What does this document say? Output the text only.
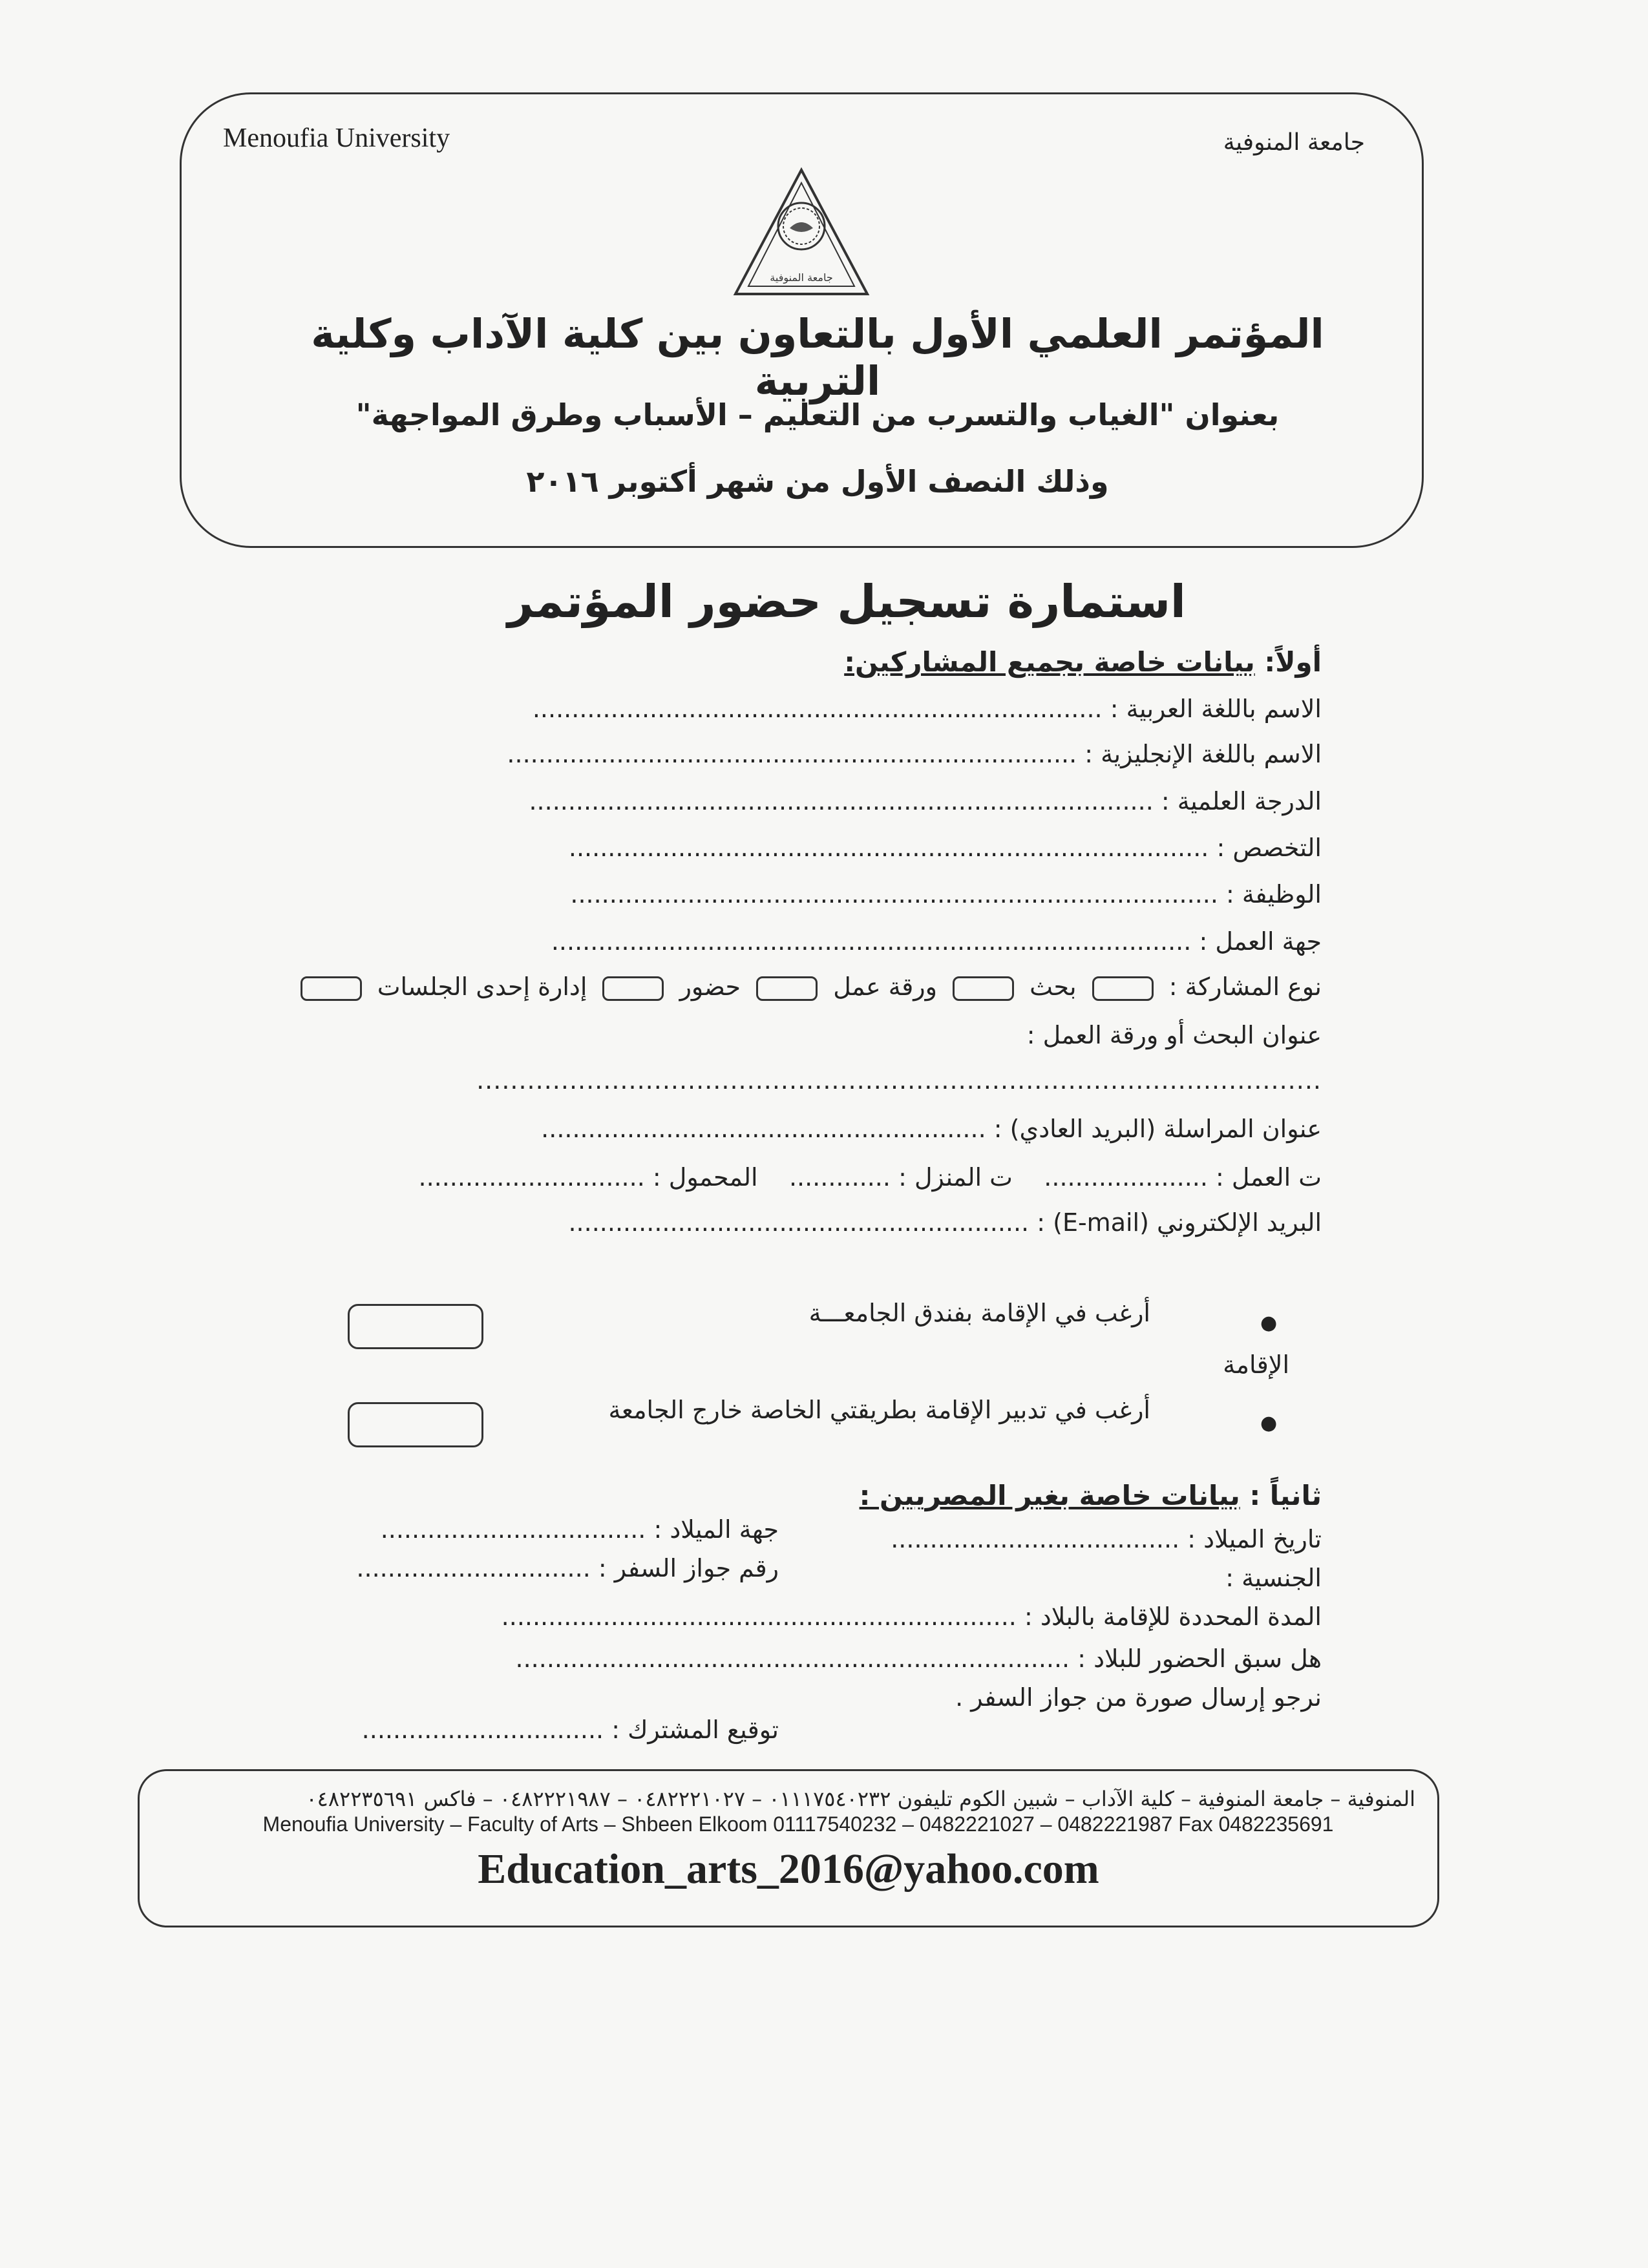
Menoufia University	جامعة المنوفية
جامعة المنوفية
المؤتمر العلمي الأول بالتعاون بين كلية الآداب وكلية التربية
بعنوان "الغياب والتسرب من التعليم – الأسباب وطرق المواجهة"
وذلك النصف الأول من شهر أكتوبر ٢٠١٦
استمارة تسجيل حضور المؤتمر
أولاً: بيانات خاصة بجميع المشاركين:
الاسم باللغة العربية : .........................................................................
الاسم باللغة الإنجليزية : .........................................................................
الدرجة العلمية : ................................................................................
التخصص : ..................................................................................
الوظيفة : ...................................................................................
جهة العمل : ..................................................................................
نوع المشاركة :  بحث  ورقة عمل  حضور  إدارة إحدى الجلسات
عنوان البحث أو ورقة العمل :
....................................................................................................
عنوان المراسلة (البريد العادي) : .........................................................
ت العمل : .....................    ت المنزل : .............    المحمول : .............................
البريد الإلكتروني (E-mail) : ...........................................................
●
أرغب في الإقامة بفندق الجامعـــة
الإقامة
●
أرغب في تدبير الإقامة بطريقتي الخاصة خارج الجامعة
ثانياً : بيانات خاصة بغير المصريين :
تاريخ الميلاد : .....................................
جهة الميلاد : ..................................
الجنسية :
رقم جواز السفر : ..............................
المدة المحددة للإقامة بالبلاد : ..................................................................
هل سبق الحضور للبلاد : .......................................................................
نرجو إرسال صورة من جواز السفر .
توقيع المشترك : ...............................
المنوفية – جامعة المنوفية – كلية الآداب – شبين الكوم تليفون ٠١١١٧٥٤٠٢٣٢ – ٠٤٨٢٢٢١٠٢٧ – ٠٤٨٢٢٢١٩٨٧ – فاكس ٠٤٨٢٢٣٥٦٩١
Menoufia University – Faculty of Arts – Shbeen Elkoom 01117540232 – 0482221027 – 0482221987 Fax 0482235691
Education_arts_2016@yahoo.com
